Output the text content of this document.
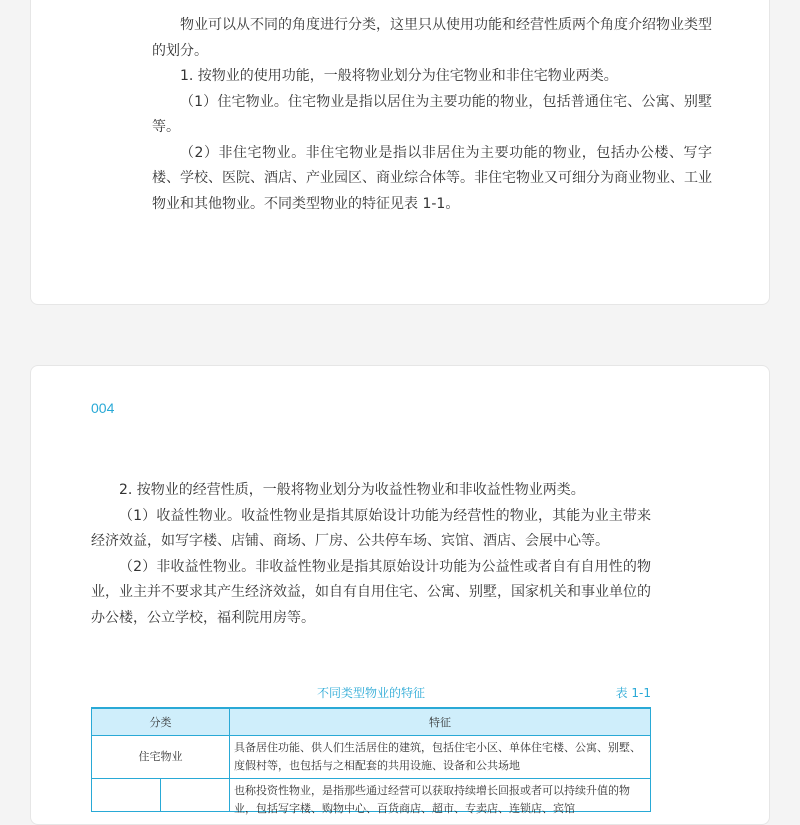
物业可以从不同的角度进行分类，这里只从使用功能和经营性质两个角度介绍物业类型的划分。

1. 按物业的使用功能，一般将物业划分为住宅物业和非住宅物业两类。

（1）住宅物业。住宅物业是指以居住为主要功能的物业，包括普通住宅、公寓、别墅等。

（2）非住宅物业。非住宅物业是指以非居住为主要功能的物业，包括办公楼、写字楼、学校、医院、酒店、产业园区、商业综合体等。非住宅物业又可细分为商业物业、工业物业和其他物业。不同类型物业的特征见表 1-1。

004

2. 按物业的经营性质，一般将物业划分为收益性物业和非收益性物业两类。

（1）收益性物业。收益性物业是指其原始设计功能为经营性的物业，其能为业主带来经济效益，如写字楼、店铺、商场、厂房、公共停车场、宾馆、酒店、会展中心等。

（2）非收益性物业。非收益性物业是指其原始设计功能为公益性或者自有自用性的物业，业主并不要求其产生经济效益，如自有自用住宅、公寓、别墅，国家机关和事业单位的办公楼，公立学校，福利院用房等。

不同类型物业的特征	表 1-1
分类		特征
住宅物业		具备居住功能、供人们生活居住的建筑，包括住宅小区、单体住宅楼、公寓、别墅、度假村等，也包括与之相配套的共用设施、设备和公共场地

		也称投资性物业，是指那些通过经营可以获取持续增长回报或者可以持续升值的物业，包括写字楼、购物中心、百货商店、超市、专卖店、连锁店、宾馆
